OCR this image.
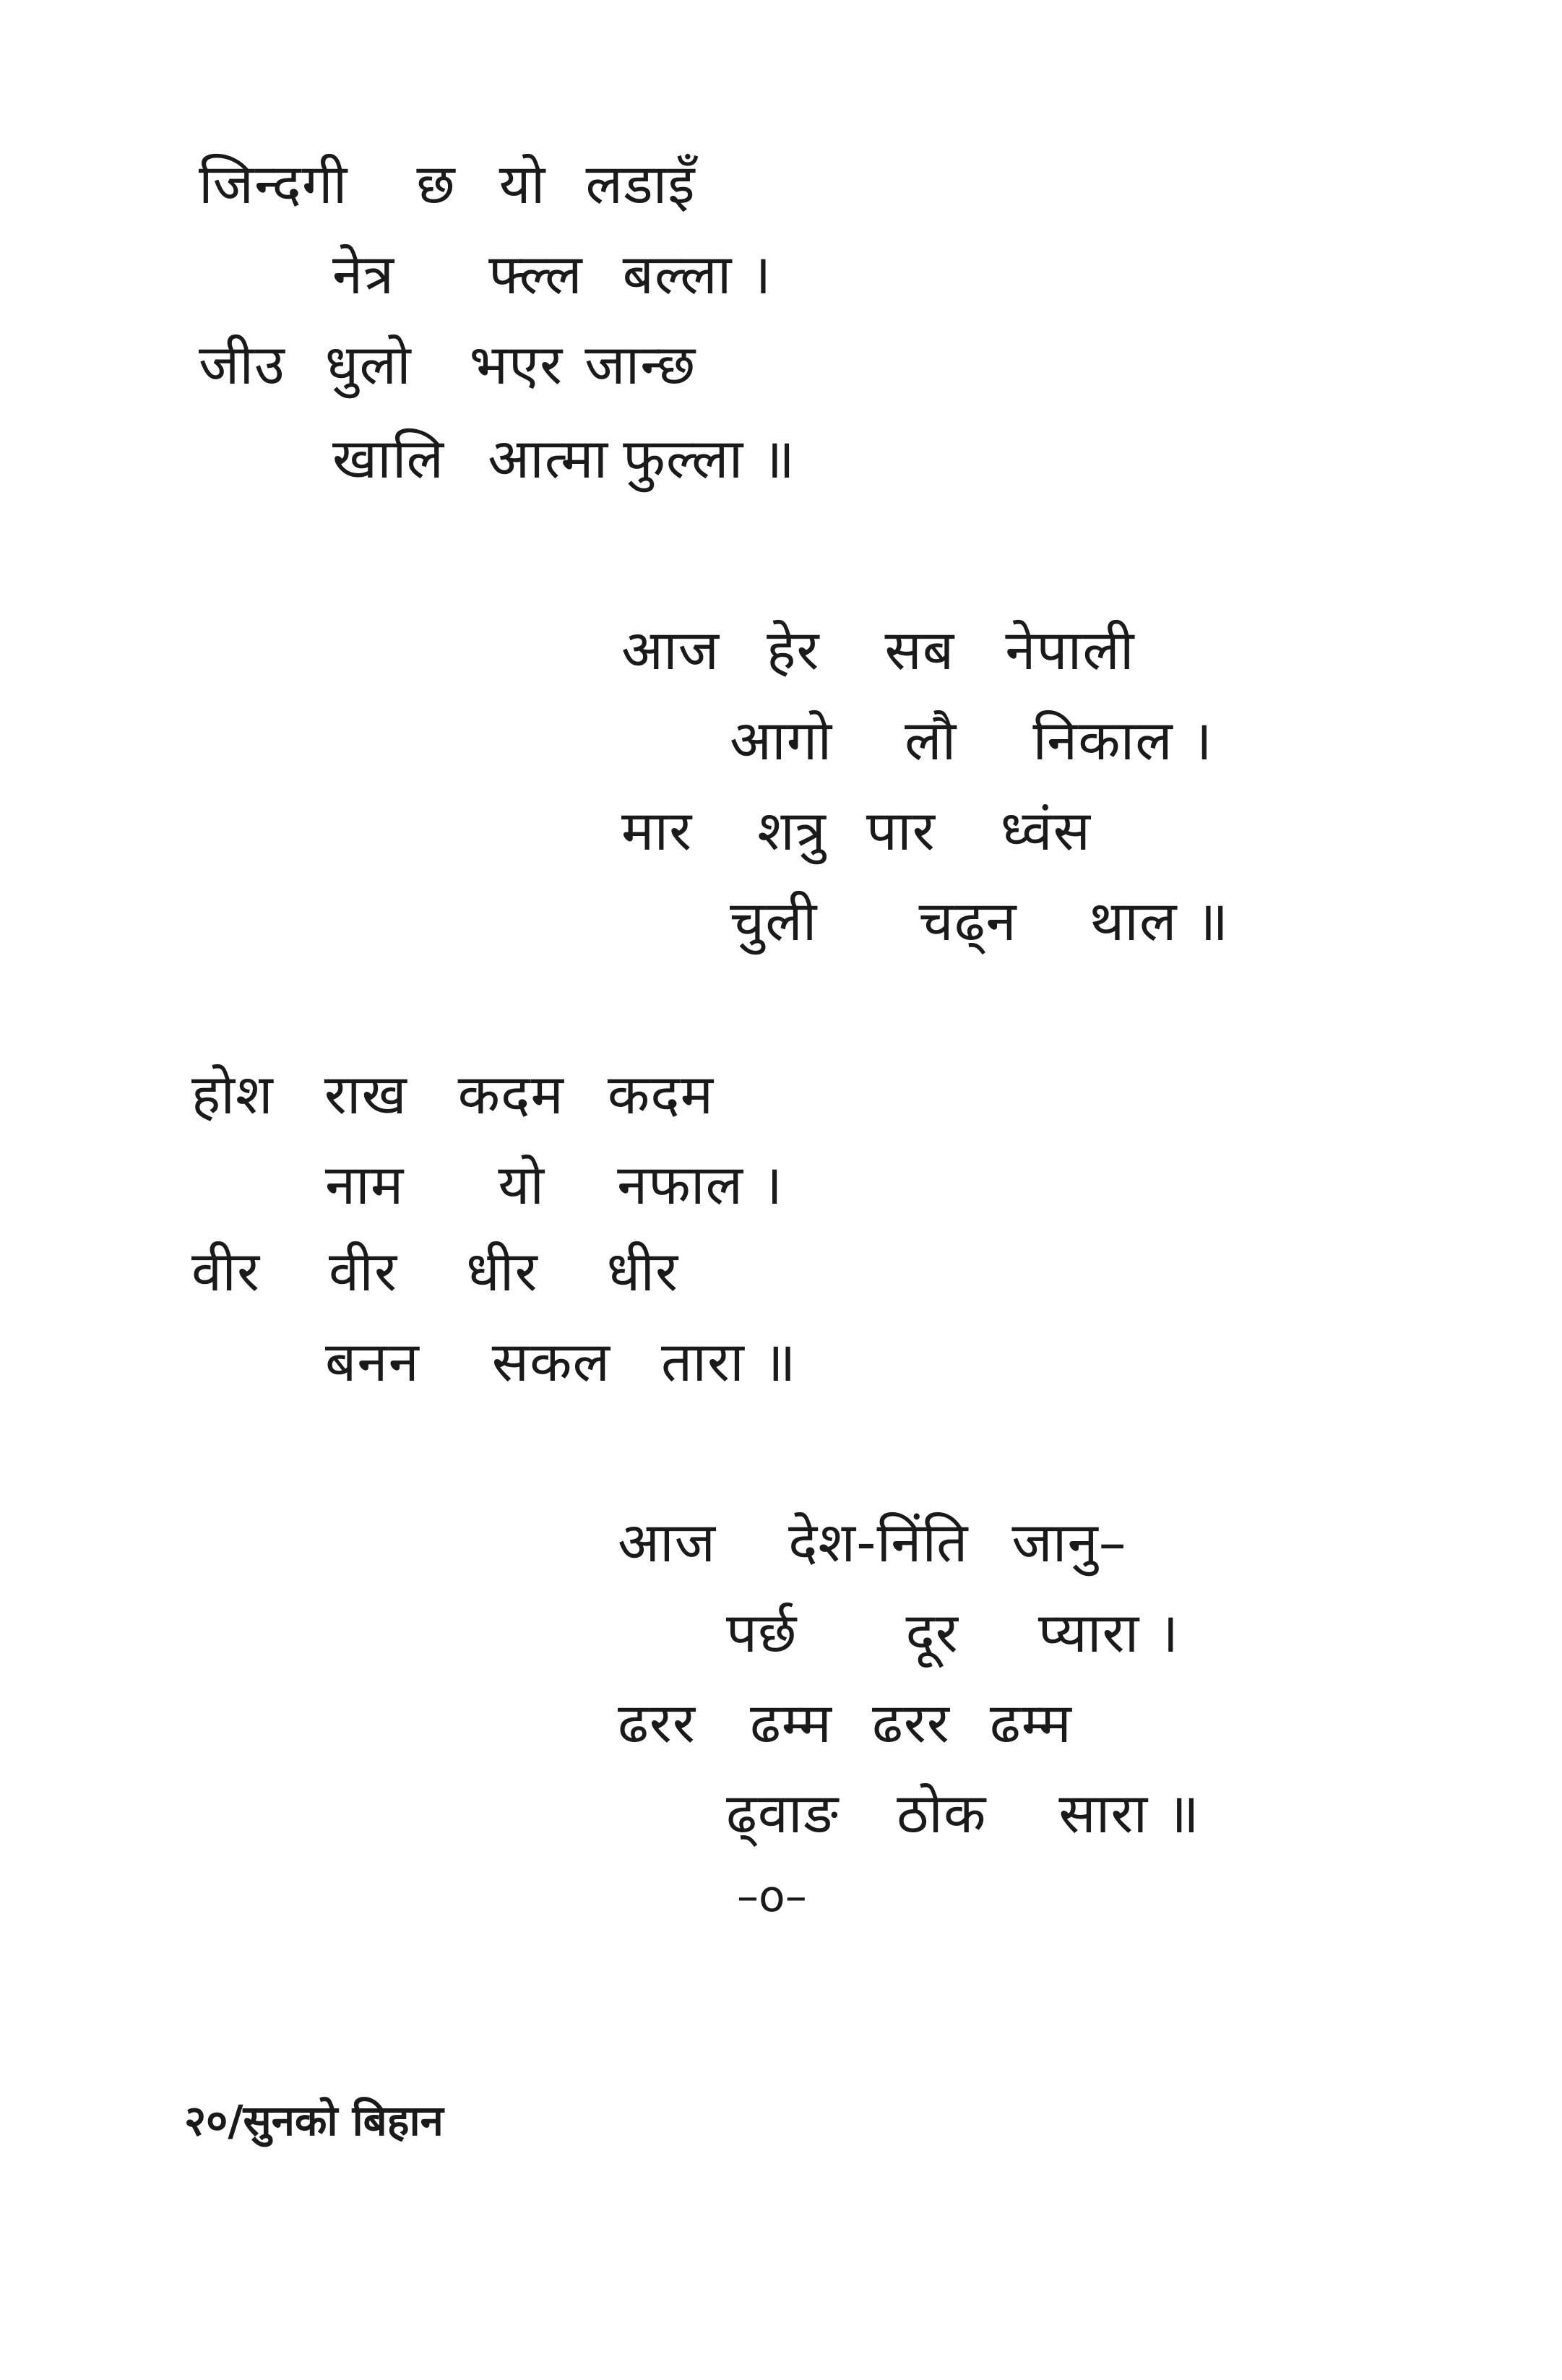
जिन्दगी छ यो लडाइँ
नेत्र फ्ल्ल बल्ला ।
जीउ धुलो भएर जान्छ
खालि आत्मा फुल्ला ॥
आज हेर सब नेपाली
आगो लौ निकाल ।
मार शत्रु पार ध्वंस
चुली चढ्न थाल ॥
होश राख कदम कदम
नाम यो नफाल ।
वीर वीर धीर धीर
बनन सकल तारा ॥
आज देश-निंति जानु–
पर्छ दूर प्यारा ।
ढरर ढम्म ढरर ढम्म
ढ्वाङ ठोक सारा ॥
–o–
२०/सुनको बिहान
